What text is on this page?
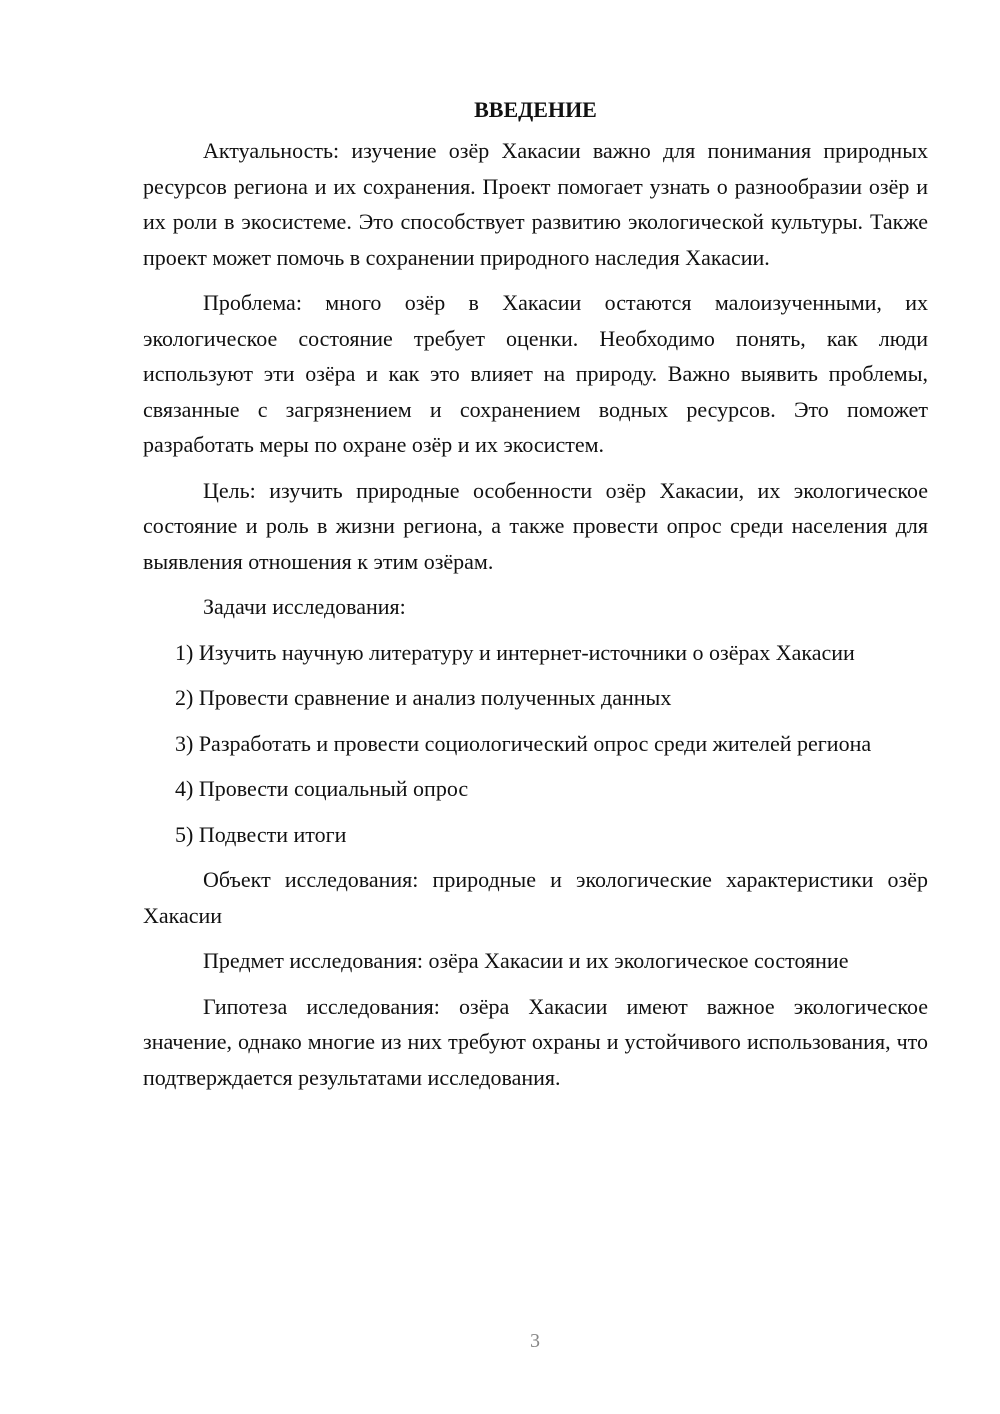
ВВЕДЕНИЕ

Актуальность: изучение озёр Хакасии важно для понимания природных ресурсов региона и их сохранения. Проект помогает узнать о разнообразии озёр и их роли в экосистеме. Это способствует развитию экологической культуры. Также проект может помочь в сохранении природного наследия Хакасии.

Проблема: много озёр в Хакасии остаются малоизученными, их экологическое состояние требует оценки. Необходимо понять, как люди используют эти озёра и как это влияет на природу. Важно выявить проблемы, связанные с загрязнением и сохранением водных ресурсов. Это поможет разработать меры по охране озёр и их экосистем.

Цель: изучить природные особенности озёр Хакасии, их экологическое состояние и роль в жизни региона, а также провести опрос среди населения для выявления отношения к этим озёрам.

Задачи исследования:

1) Изучить научную литературу и интернет-источники о озёрах Хакасии

2) Провести сравнение и анализ полученных данных

3) Разработать и провести социологический опрос среди жителей региона

4) Провести социальный опрос

5) Подвести итоги

Объект исследования: природные и экологические характеристики озёр Хакасии

Предмет исследования: озёра Хакасии и их экологическое состояние

Гипотеза исследования: озёра Хакасии имеют важное экологическое значение, однако многие из них требуют охраны и устойчивого использования, что подтверждается результатами исследования.

3
